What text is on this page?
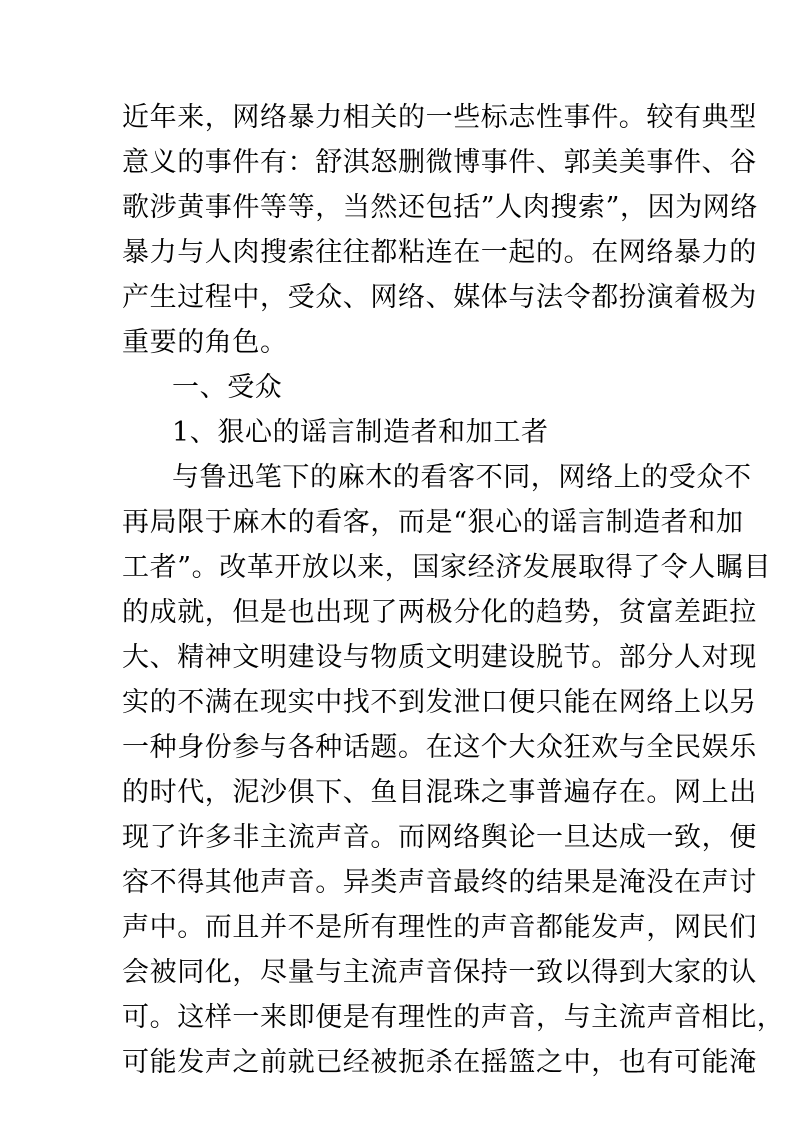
近年来，网络暴力相关的一些标志性事件。较有典型
意义的事件有：舒淇怒删微博事件、郭美美事件、谷
歌涉黄事件等等，当然还包括”人肉搜索”，因为网络
暴力与人肉搜索往往都粘连在一起的。在网络暴力的
产生过程中，受众、网络、媒体与法令都扮演着极为
重要的角色。
一、受众
1、狠心的谣言制造者和加工者
与鲁迅笔下的麻木的看客不同，网络上的受众不
再局限于麻木的看客，而是“狠心的谣言制造者和加
工者”。改革开放以来，国家经济发展取得了令人瞩目
的成就，但是也出现了两极分化的趋势，贫富差距拉
大、精神文明建设与物质文明建设脱节。部分人对现
实的不满在现实中找不到发泄口便只能在网络上以另
一种身份参与各种话题。在这个大众狂欢与全民娱乐
的时代，泥沙俱下、鱼目混珠之事普遍存在。网上出
现了许多非主流声音。而网络舆论一旦达成一致，便
容不得其他声音。异类声音最终的结果是淹没在声讨
声中。而且并不是所有理性的声音都能发声，网民们
会被同化，尽量与主流声音保持一致以得到大家的认
可。这样一来即便是有理性的声音，与主流声音相比，
可能发声之前就已经被扼杀在摇篮之中，也有可能淹
